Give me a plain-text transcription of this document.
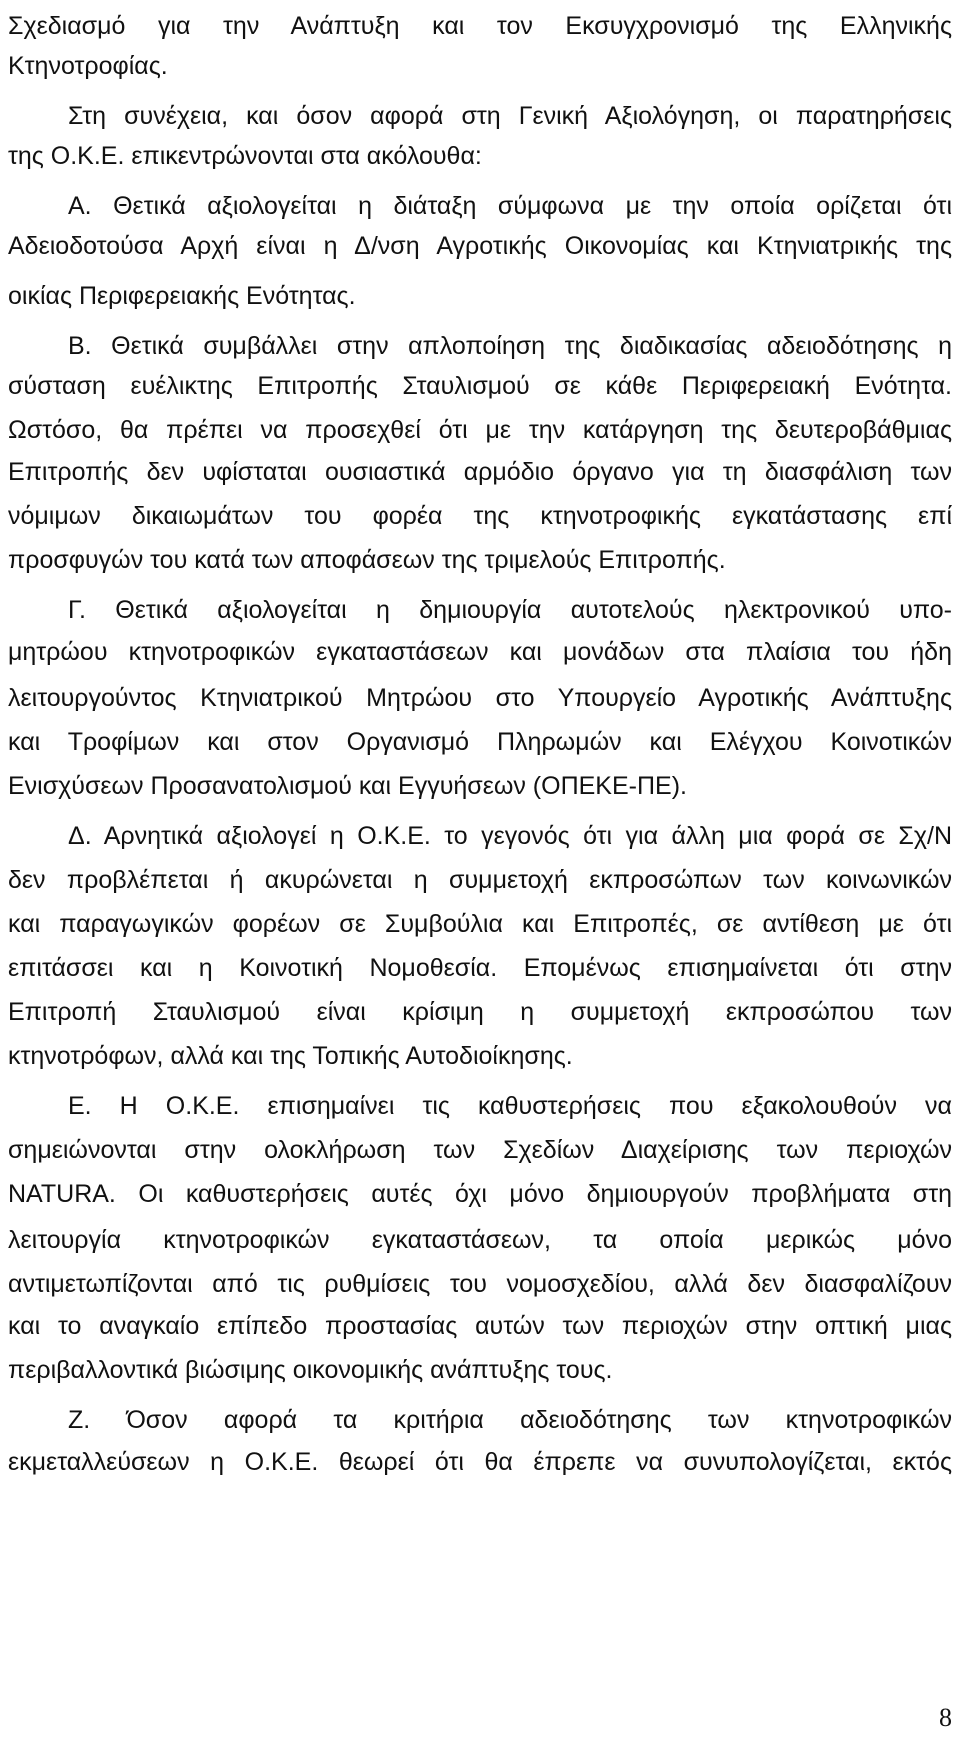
Σχεδιασμό για την Ανάπτυξη και τον Εκσυγχρονισμό της Ελληνικής
Κτηνοτροφίας.
Στη συνέχεια, και όσον αφορά στη Γενική Αξιολόγηση, οι παρατηρήσεις
της Ο.Κ.Ε. επικεντρώνονται στα ακόλουθα:
Α. Θετικά αξιολογείται η διάταξη σύμφωνα με την οποία ορίζεται ότι
Αδειοδοτούσα Αρχή είναι η Δ/νση Αγροτικής Οικονομίας και Κτηνιατρικής της
οικίας Περιφερειακής Ενότητας.
Β. Θετικά συμβάλλει στην απλοποίηση της διαδικασίας αδειοδότησης η
σύσταση ευέλικτης Επιτροπής Σταυλισμού σε κάθε Περιφερειακή Ενότητα.
Ωστόσο, θα πρέπει να προσεχθεί ότι με την κατάργηση της δευτεροβάθμιας
Επιτροπής δεν υφίσταται ουσιαστικά αρμόδιο όργανο για τη διασφάλιση των
νόμιμων δικαιωμάτων του φορέα της κτηνοτροφικής εγκατάστασης επί
προσφυγών του κατά των αποφάσεων της τριμελούς Επιτροπής.
Γ. Θετικά αξιολογείται η δημιουργία αυτοτελούς ηλεκτρονικού υπο-
μητρώου κτηνοτροφικών εγκαταστάσεων και μονάδων στα πλαίσια του ήδη
λειτουργούντος Κτηνιατρικού Μητρώου στο Υπουργείο Αγροτικής Ανάπτυξης
και Τροφίμων και στον Οργανισμό Πληρωμών και Ελέγχου Κοινοτικών
Ενισχύσεων Προσανατολισμού και Εγγυήσεων (ΟΠΕΚΕ-ΠΕ).
Δ. Αρνητικά αξιολογεί η Ο.Κ.Ε. το γεγονός ότι για άλλη μια φορά σε Σχ/Ν
δεν προβλέπεται ή ακυρώνεται η συμμετοχή εκπροσώπων των κοινωνικών
και παραγωγικών φορέων σε Συμβούλια και Επιτροπές, σε αντίθεση με ότι
επιτάσσει και η Κοινοτική Νομοθεσία. Επομένως επισημαίνεται ότι στην
Επιτροπή Σταυλισμού είναι κρίσιμη η συμμετοχή εκπροσώπου των
κτηνοτρόφων, αλλά και της Τοπικής Αυτοδιοίκησης.
Ε. Η Ο.Κ.Ε. επισημαίνει τις καθυστερήσεις που εξακολουθούν να
σημειώνονται στην ολοκλήρωση των Σχεδίων Διαχείρισης των περιοχών
NATURA. Οι καθυστερήσεις αυτές όχι μόνο δημιουργούν προβλήματα στη
λειτουργία κτηνοτροφικών εγκαταστάσεων, τα οποία μερικώς μόνο
αντιμετωπίζονται από τις ρυθμίσεις του νομοσχεδίου, αλλά δεν διασφαλίζουν
και το αναγκαίο επίπεδο προστασίας αυτών των περιοχών στην οπτική μιας
περιβαλλοντικά βιώσιμης οικονομικής ανάπτυξης τους.
Ζ. Όσον αφορά τα κριτήρια αδειοδότησης των κτηνοτροφικών
εκμεταλλεύσεων η Ο.Κ.Ε. θεωρεί ότι θα έπρεπε να συνυπολογίζεται, εκτός
8
